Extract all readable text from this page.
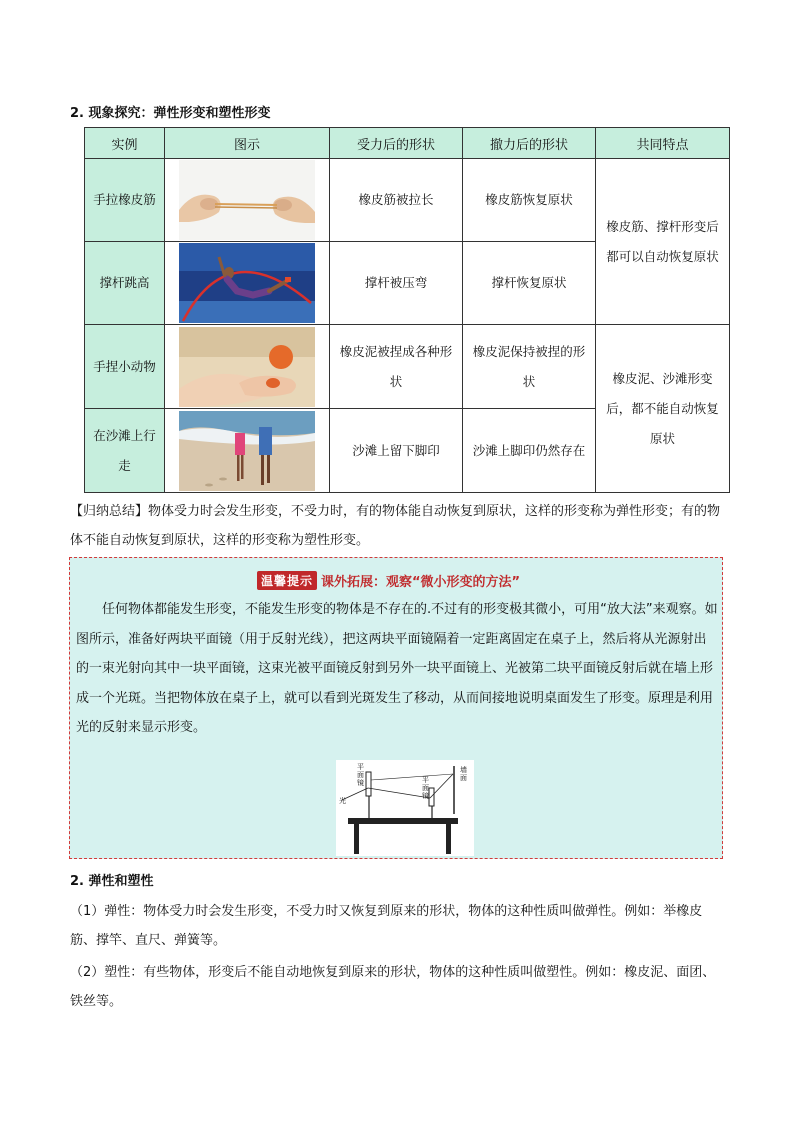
2. 现象探究：弹性形变和塑性形变
实例	图示	受力后的形状	撤力后的形状	共同特点
手拉橡皮筋		橡皮筋被拉长	橡皮筋恢复原状	橡皮筋、撑杆形变后都可以自动恢复原状
撑杆跳高		撑杆被压弯	撑杆恢复原状	
手捏小动物		橡皮泥被捏成各种形状	橡皮泥保持被捏的形状	橡皮泥、沙滩形变后，都不能自动恢复原状
在沙滩上行走		沙滩上留下脚印	沙滩上脚印仍然存在	
【归纳总结】物体受力时会发生形变，不受力时，有的物体能自动恢复到原状，这样的形变称为弹性形变；有的物体不能自动恢复到原状，这样的形变称为塑性形变。
温馨提示 课外拓展：观察“微小形变的方法”
任何物体都能发生形变，不能发生形变的物体是不存在的.不过有的形变极其微小，可用“放大法”来观察。如图所示，准备好两块平面镜（用于反射光线），把这两块平面镜隔着一定距离固定在桌子上，然后将从光源射出的一束光射向其中一块平面镜，这束光被平面镜反射到另外一块平面镜上、光被第二块平面镜反射后就在墙上形成一个光斑。当把物体放在桌子上，就可以看到光斑发生了移动，从而间接地说明桌面发生了形变。原理是利用光的反射来显示形变。
平面镜	平面镜
墙面
光
2. 弹性和塑性
（1）弹性：物体受力时会发生形变，不受力时又恢复到原来的形状，物体的这种性质叫做弹性。例如：举橡皮筋、撑竿、直尺、弹簧等。
（2）塑性：有些物体，形变后不能自动地恢复到原来的形状，物体的这种性质叫做塑性。例如：橡皮泥、面团、铁丝等。
